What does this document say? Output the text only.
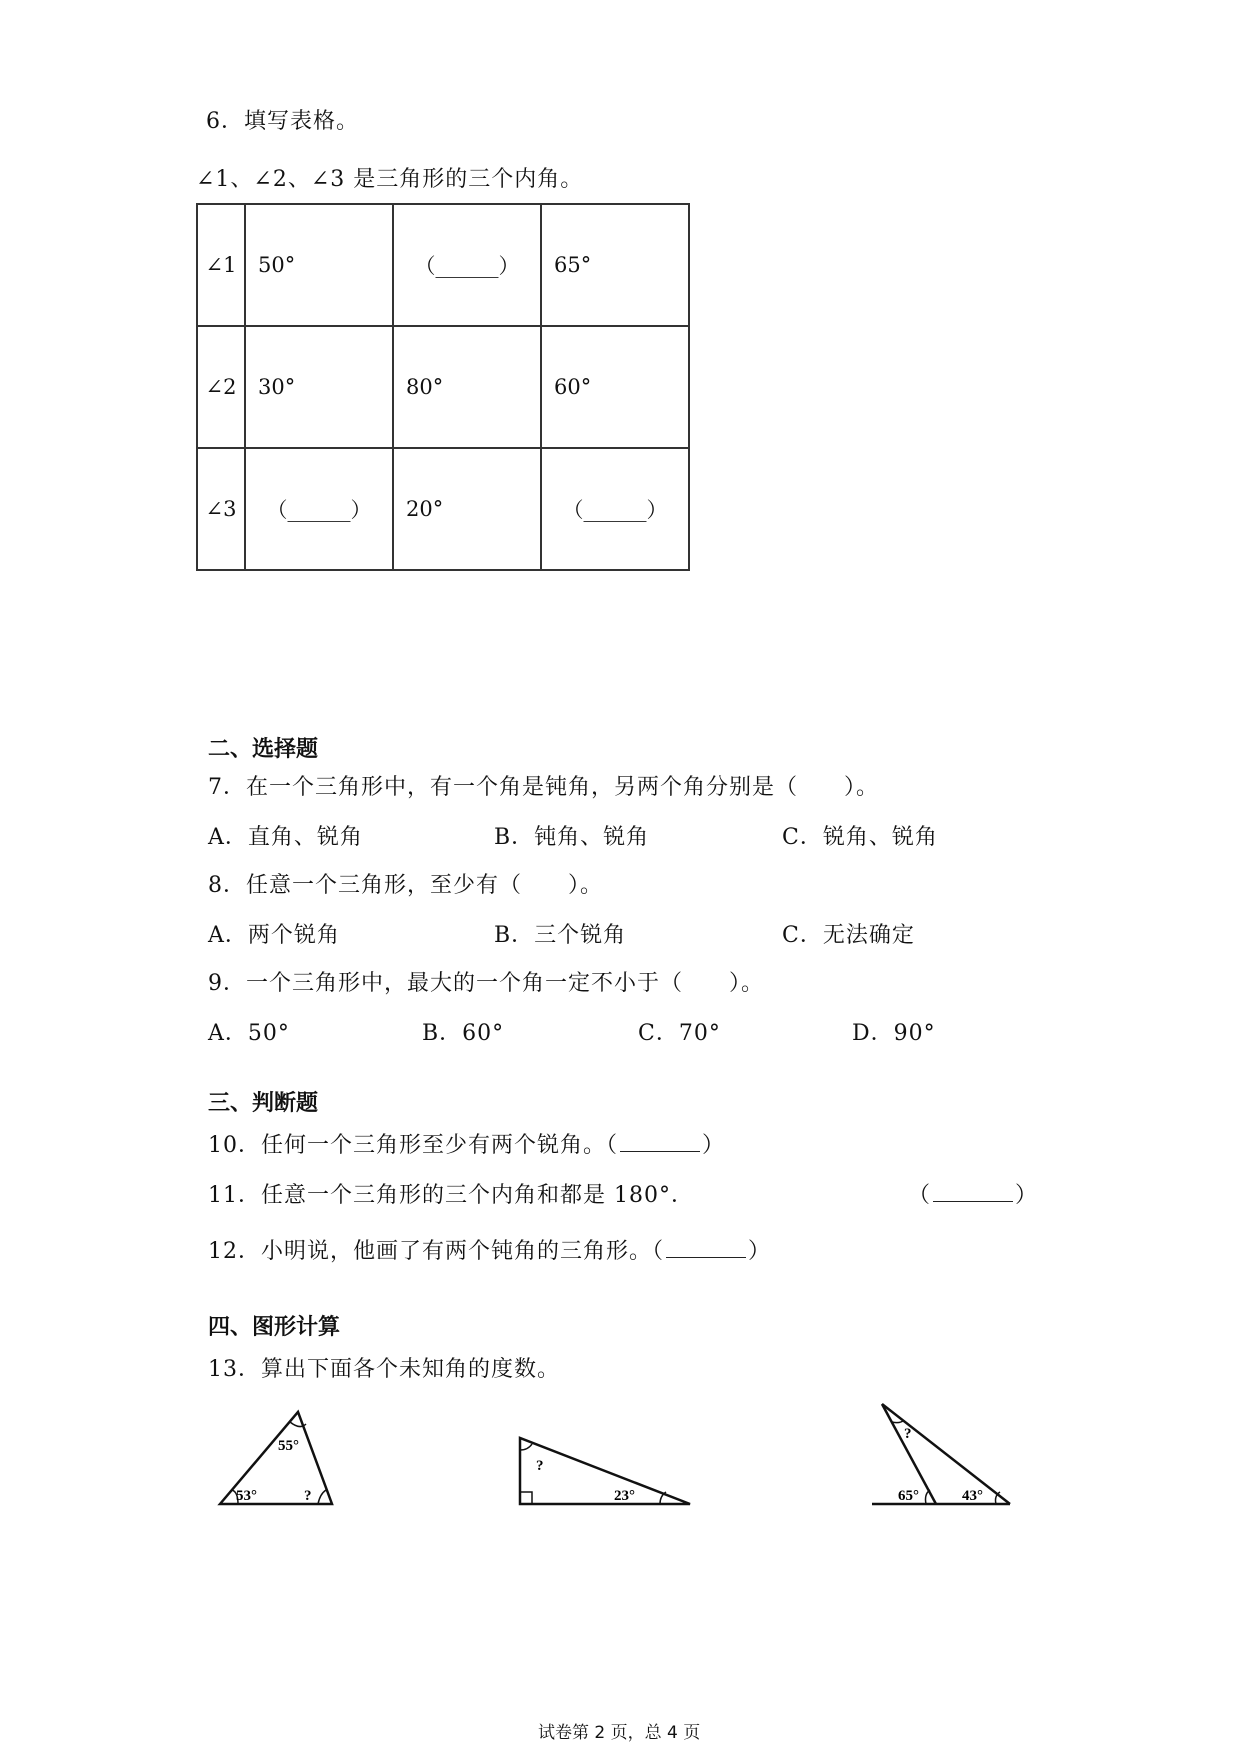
6．填写表格。
∠1、∠2、∠3 是三角形的三个内角。
∠1	50°	（______）	65°
∠2	30°	80°	60°
∠3	（______）	20°	（______）
二、选择题
7．在一个三角形中，有一个角是钝角，另两个角分别是（　　）。
A．直角、锐角	B．钝角、锐角	C．锐角、锐角
8．任意一个三角形，至少有（　　）。
A．两个锐角	B．三个锐角	C．无法确定
9．一个三角形中，最大的一个角一定不小于（　　）。
A．50°	B．60°	C．70°	D．90°
三、判断题
10．任何一个三角形至少有两个锐角。（	）
11．任意一个三角形的三个内角和都是 180°．	（	）
12．小明说，他画了有两个钝角的三角形。（	）
四、图形计算
13．算出下面各个未知角的度数。
55°
53°	?
?
23°
?
65°	43°
试卷第 2 页，总 4 页
